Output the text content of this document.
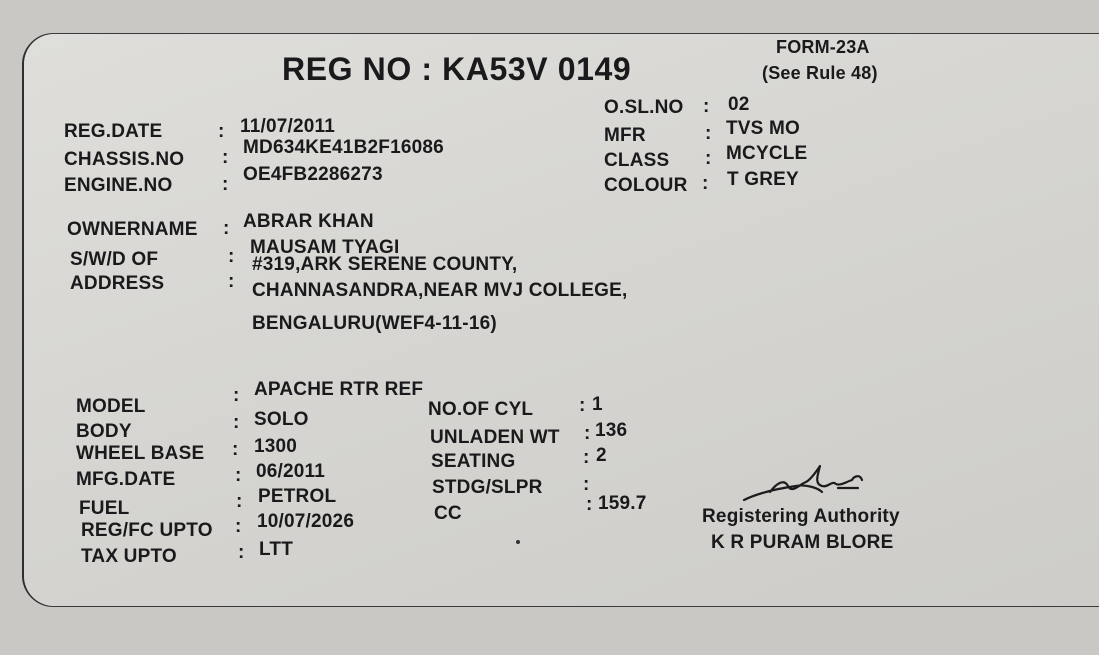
REG NO : KA53V 0149
FORM-23A
(See Rule 48)
REG.DATE	: 11/07/2011
CHASSIS.NO : MD634KE41B2F16086
ENGINE.NO	: OE4FB2286273
O.SL.NO : 02
MFR	: TVS MO
CLASS : MCYCLE
COLOUR : T GREY
OWNERNAME : ABRAR KHAN
S/W/D OF	: MAUSAM TYAGI
ADDRESS	:
#319,ARK SERENE COUNTY,
CHANNASANDRA,NEAR MVJ COLLEGE,
BENGALURU(WEF4-11-16)
MODEL
: APACHE RTR REF
BODY	: SOLO
WHEEL BASE : 1300
MFG.DATE	: 06/2011
FUEL	: PETROL
REG/FC UPTO : 10/07/2026
TAX UPTO	: LTT
NO.OF CYL : 1
UNLADEN WT : 136
SEATING	: 2
STDG/SLPR :
CC	: 159.7
Registering Authority
K R PURAM BLORE
